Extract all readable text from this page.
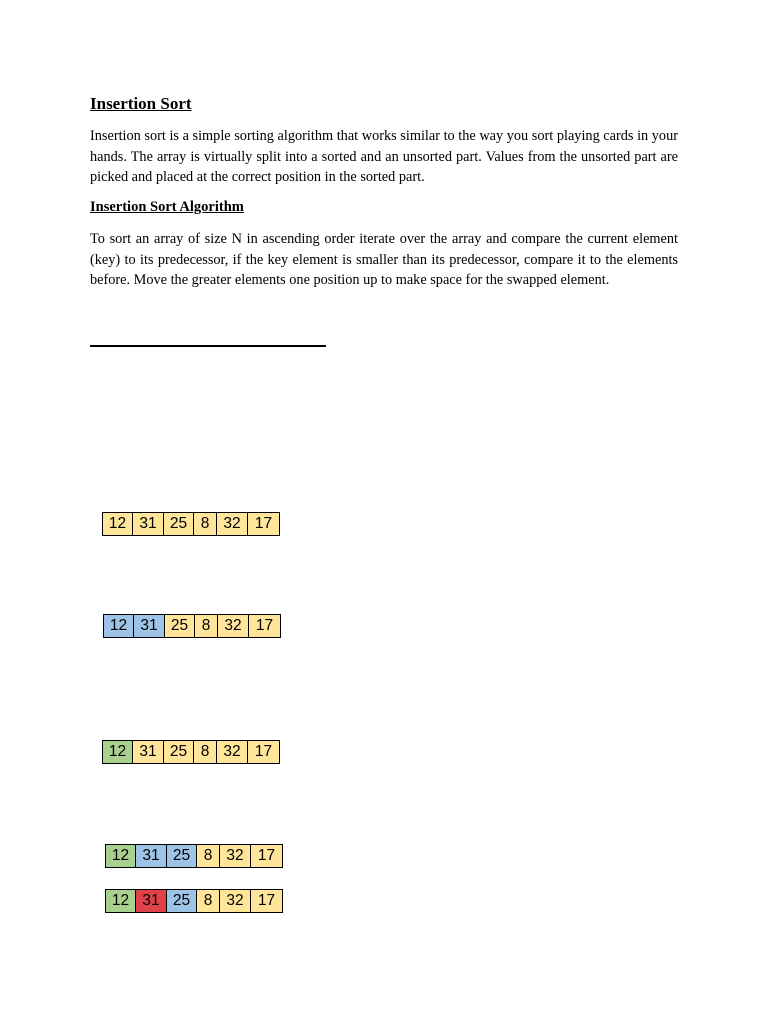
Insertion Sort

Insertion sort is a simple sorting algorithm that works similar to the way you sort playing cards in your hands. The array is virtually split into a sorted and an unsorted part. Values from the unsorted part are picked and placed at the correct position in the sorted part.

Insertion Sort Algorithm

To sort an array of size N in ascending order iterate over the array and compare the current element (key) to its predecessor, if the key element is smaller than its predecessor, compare it to the elements before. Move the greater elements one position up to make space for the swapped element.

12 31 25 8 32 17
12 31 25 8 32 17
12 31 25 8 32 17
12 31 25 8 32 17
12 31 25 8 32 17
